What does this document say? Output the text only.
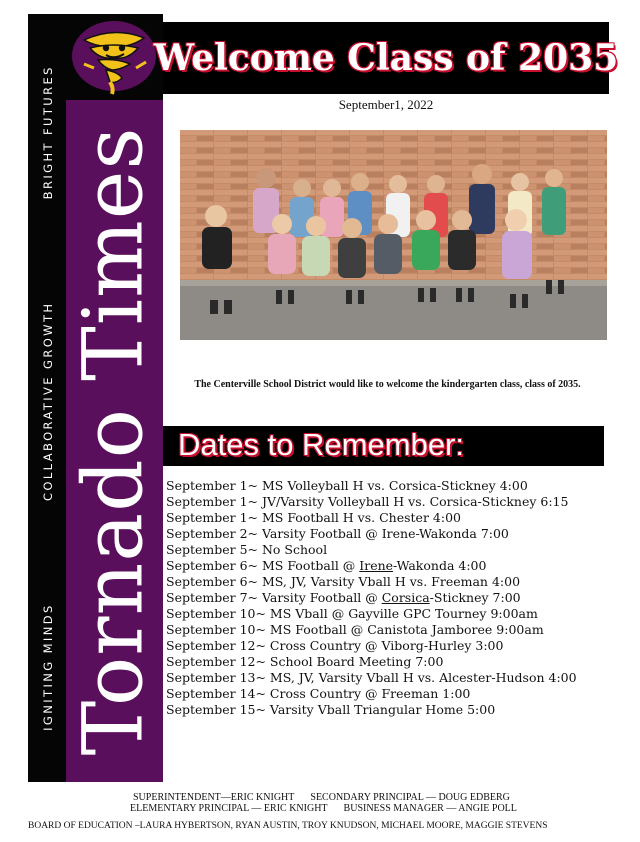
IGNITING MINDS
COLLABORATIVE GROWTH
BRIGHT FUTURES Tornado Times
Welcome Class of 2035
September1, 2022
The Centerville School District would like to welcome the kindergarten class, class of 2035.
Dates to Remember:
September 1~ MS Volleyball H vs. Corsica-Stickney 4:00
September 1~ JV/Varsity Volleyball H vs. Corsica-Stickney 6:15
September 1~ MS Football H vs. Chester 4:00
September 2~ Varsity Football @ Irene-Wakonda 7:00
September 5~ No School
September 6~ MS Football @ Irene-Wakonda 4:00
September 6~ MS, JV, Varsity Vball H vs. Freeman 4:00
September 7~ Varsity Football @ Corsica-Stickney 7:00
September 10~ MS Vball @ Gayville GPC Tourney 9:00am
September 10~ MS Football @ Canistota Jamboree 9:00am
September 12~ Cross Country @ Viborg-Hurley 3:00
September 12~ School Board Meeting 7:00
September 13~ MS, JV, Varsity Vball H vs. Alcester-Hudson 4:00
September 14~ Cross Country @ Freeman 1:00
September 15~ Varsity Vball Triangular Home 5:00
SUPERINTENDENT—ERIC KNIGHT SECONDARY PRINCIPAL — DOUG EDBERG
ELEMENTARY PRINCIPAL — ERIC KNIGHT BUSINESS MANAGER — ANGIE POLL
BOARD OF EDUCATION –LAURA HYBERTSON, RYAN AUSTIN, TROY KNUDSON, MICHAEL MOORE, MAGGIE STEVENS
